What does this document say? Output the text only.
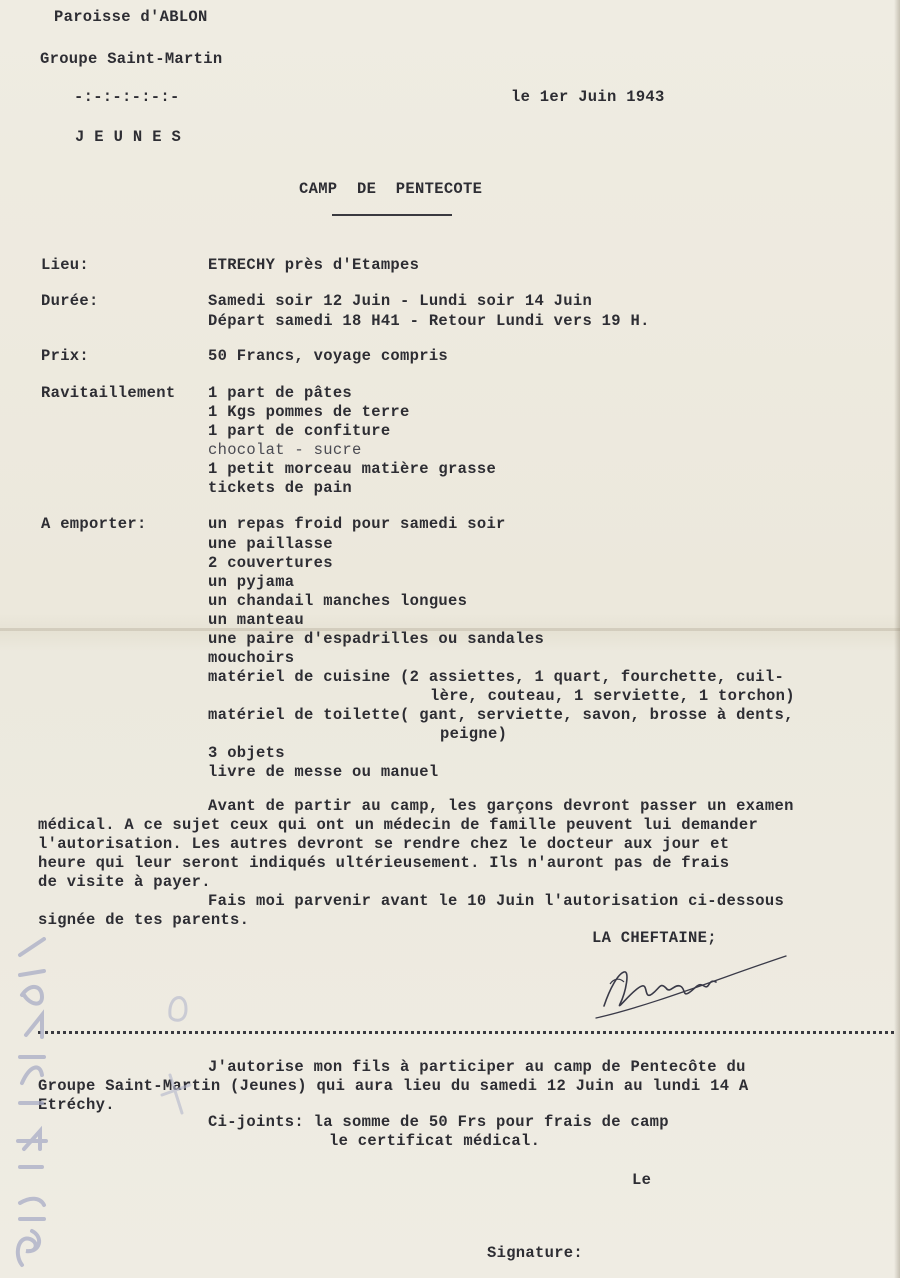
Paroisse d'ABLON
Groupe Saint-Martin
-:-:-:-:-:-	le 1er Juin 1943
JEUNES
CAMP DE PENTECOTE
Lieu:	ETRECHY près d'Etampes
Durée:	Samedi soir 12 Juin - Lundi soir 14 Juin
Départ samedi 18 H41 - Retour Lundi vers 19 H.
Prix:	50 Francs, voyage compris
Ravitaillement 1 part de pâtes
1 Kgs pommes de terre
1 part de confiture
chocolat - sucre
1 petit morceau matière grasse
tickets de pain
A emporter:	un repas froid pour samedi soir
une paillasse
2 couvertures
un pyjama
un chandail manches longues
un manteau
une paire d'espadrilles ou sandales
mouchoirs
matériel de cuisine (2 assiettes, 1 quart, fourchette, cuil-
lère, couteau, 1 serviette, 1 torchon)
matériel de toilette( gant, serviette, savon, brosse à dents,
peigne)
3 objets
livre de messe ou manuel
Avant de partir au camp, les garçons devront passer un examen
médical. A ce sujet ceux qui ont un médecin de famille peuvent lui demander
l'autorisation. Les autres devront se rendre chez le docteur aux jour et
heure qui leur seront indiqués ultérieusement. Ils n'auront pas de frais
de visite à payer.
Fais moi parvenir avant le 10 Juin l'autorisation ci-dessous
signée de tes parents.
LA CHEFTAINE;
J'autorise mon fils à participer au camp de Pentecôte du
Groupe Saint-Martin (Jeunes) qui aura lieu du samedi 12 Juin au lundi 14 A
Etréchy.
Ci-joints: la somme de 50 Frs pour frais de camp
le certificat médical.
Le
Signature:
